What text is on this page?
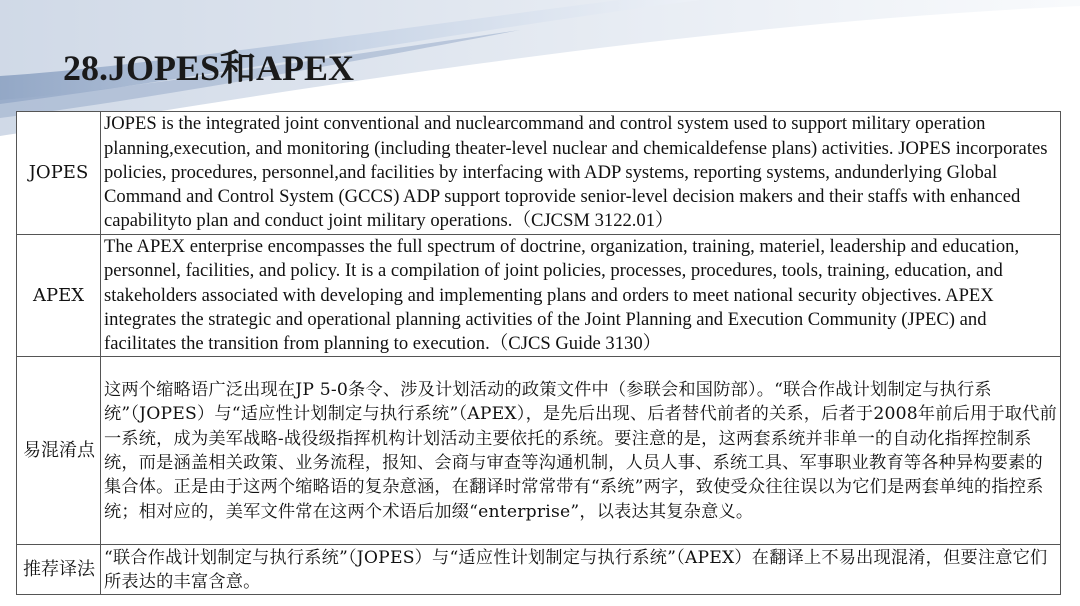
28.JOPES和APEX
JOPES	JOPES is the integrated joint conventional and nuclearcommand and control system used to support military operation planning,execution, and monitoring (including theater-level nuclear and chemicaldefense plans) activities. JOPES incorporates policies, procedures, personnel,and facilities by interfacing with ADP systems, reporting systems, andunderlying Global Command and Control System (GCCS) ADP support toprovide senior-level decision makers and their staffs with enhanced capabilityto plan and conduct joint military operations.（CJCSM 3122.01）
APEX	The APEX enterprise encompasses the full spectrum of doctrine, organization, training, materiel, leadership and education, personnel, facilities, and policy. It is a compilation of joint policies, processes, procedures, tools, training, education, and stakeholders associated with developing and implementing plans and orders to meet national security objectives. APEX integrates the strategic and operational planning activities of the Joint Planning and Execution Community (JPEC) and facilitates the transition from planning to execution.（CJCS Guide 3130）
易混淆点	这两个缩略语广泛出现在JP 5-0条令、涉及计划活动的政策文件中（参联会和国防部）。“联合作战计划制定与执行系统”（JOPES）与“适应性计划制定与执行系统”（APEX），是先后出现、后者替代前者的关系，后者于2008年前后用于取代前一系统，成为美军战略-战役级指挥机构计划活动主要依托的系统。要注意的是，这两套系统并非单一的自动化指挥控制系统，而是涵盖相关政策、业务流程，报知、会商与审查等沟通机制，人员人事、系统工具、军事职业教育等各种异构要素的集合体。正是由于这两个缩略语的复杂意涵，在翻译时常常带有“系统”两字，致使受众往往误以为它们是两套单纯的指控系统；相对应的，美军文件常在这两个术语后加缀“enterprise”，以表达其复杂意义。
推荐译法	“联合作战计划制定与执行系统”（JOPES）与“适应性计划制定与执行系统”（APEX）在翻译上不易出现混淆，但要注意它们所表达的丰富含意。
